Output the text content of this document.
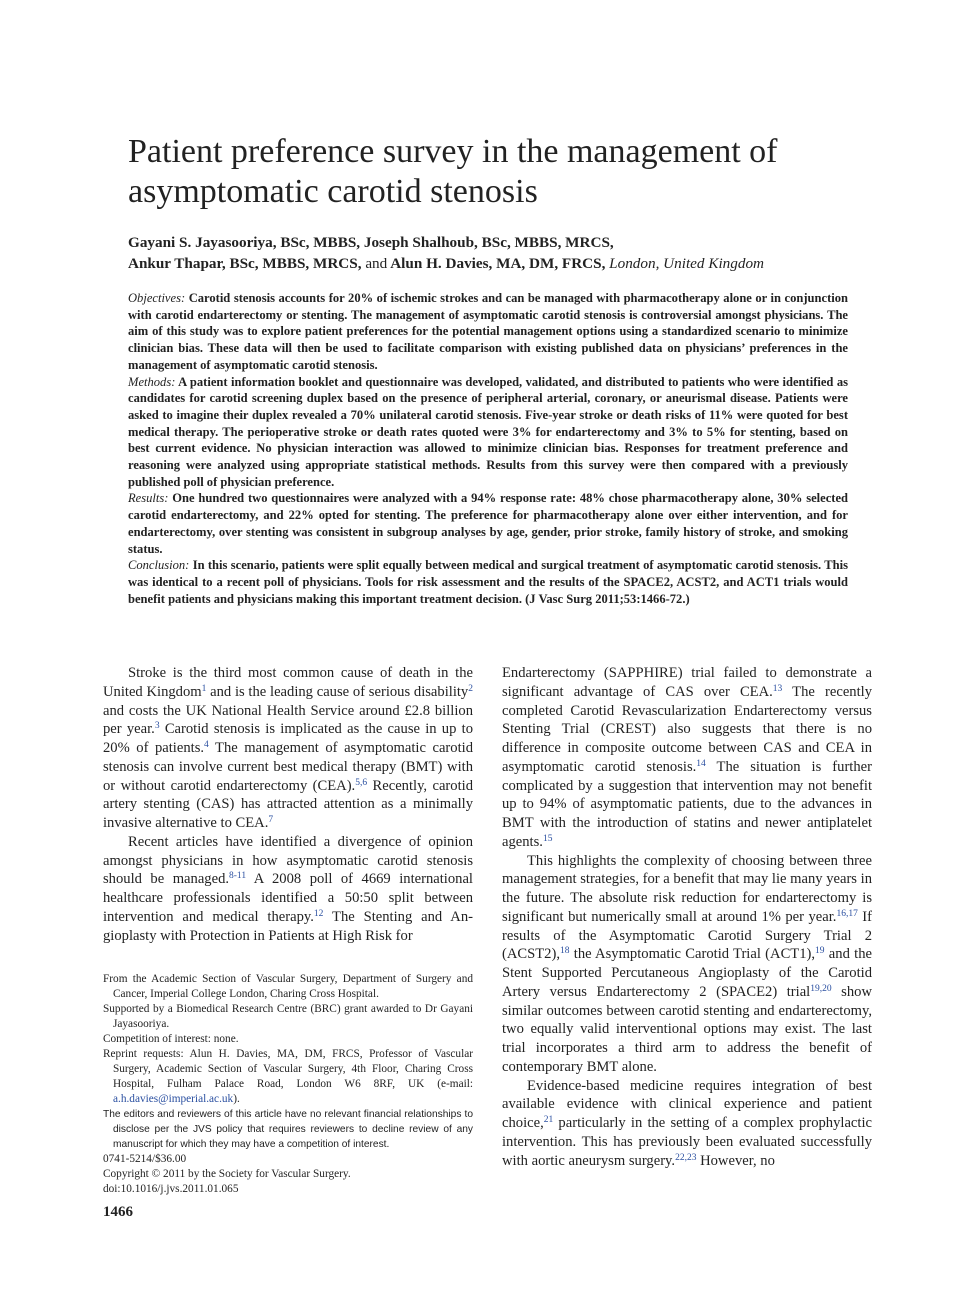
Patient preference survey in the management of
asymptomatic carotid stenosis
Gayani S. Jayasooriya, BSc, MBBS, Joseph Shalhoub, BSc, MBBS, MRCS,
Ankur Thapar, BSc, MBBS, MRCS, and Alun H. Davies, MA, DM, FRCS, London, United Kingdom

Objectives: Carotid stenosis accounts for 20% of ischemic strokes and can be managed with pharmacotherapy alone or in conjunction with carotid endarterectomy or stenting. The management of asymptomatic carotid stenosis is controversial amongst physicians. The aim of this study was to explore patient preferences for the potential management options using a standardized scenario to minimize clinician bias. These data will then be used to facilitate comparison with existing published data on physicians’ preferences in the management of asymptomatic carotid stenosis.

Methods: A patient information booklet and questionnaire was developed, validated, and distributed to patients who were identified as candidates for carotid screening duplex based on the presence of peripheral arterial, coronary, or aneurismal disease. Patients were asked to imagine their duplex revealed a 70% unilateral carotid stenosis. Five-year stroke or death risks of 11% were quoted for best medical therapy. The perioperative stroke or death rates quoted were 3% for endarterectomy and 3% to 5% for stenting, based on best current evidence. No physician interaction was allowed to minimize clinician bias. Responses for treatment preference and reasoning were analyzed using appropriate statistical methods. Results from this survey were then compared with a previously published poll of physician preference.

Results: One hundred two questionnaires were analyzed with a 94% response rate: 48% chose pharmacotherapy alone, 30% selected carotid endarterectomy, and 22% opted for stenting. The preference for pharmacotherapy alone over either intervention, and for endarterectomy, over stenting was consistent in subgroup analyses by age, gender, prior stroke, family history of stroke, and smoking status.

Conclusion: In this scenario, patients were split equally between medical and surgical treatment of asymptomatic carotid stenosis. This was identical to a recent poll of physicians. Tools for risk assessment and the results of the SPACE2, ACST2, and ACT1 trials would benefit patients and physicians making this important treatment decision. (J Vasc Surg 2011;53:1466-72.)

Stroke is the third most common cause of death in the United Kingdom$^1$ and is the leading cause of serious disability$^2$ and costs the UK National Health Service around £2.8 billion per year.$^3$ Carotid stenosis is implicated as the cause in up to 20% of patients.$^4$ The management of asymptomatic carotid stenosis can involve current best medical therapy (BMT) with or without carotid endarterectomy (CEA).$^{5,6}$ Recently, carotid artery stenting (CAS) has attracted attention as a minimally invasive alternative to CEA.$^7$

Recent articles have identified a divergence of opinion amongst physicians in how asymptomatic carotid stenosis should be managed.$^{8-11}$ A 2008 poll of 4669 international healthcare professionals identified a 50:50 split between intervention and medical therapy.$^{12}$ The Stenting and Angioplasty with Protection in Patients at High Risk for

From the Academic Section of Vascular Surgery, Department of Surgery and Cancer, Imperial College London, Charing Cross Hospital.

Supported by a Biomedical Research Centre (BRC) grant awarded to Dr Gayani Jayasooriya.

Competition of interest: none.

Reprint requests: Alun H. Davies, MA, DM, FRCS, Professor of Vascular Surgery, Academic Section of Vascular Surgery, 4th Floor, Charing Cross Hospital, Fulham Palace Road, London W6 8RF, UK (e-mail: a.h.davies@imperial.ac.uk).

The editors and reviewers of this article have no relevant financial relationships to disclose per the JVS policy that requires reviewers to decline review of any manuscript for which they may have a competition of interest.

0741-5214/$36.00

Copyright © 2011 by the Society for Vascular Surgery.

doi:10.1016/j.jvs.2011.01.065

Endarterectomy (SAPPHIRE) trial failed to demonstrate a significant advantage of CAS over CEA.$^{13}$ The recently completed Carotid Revascularization Endarterectomy versus Stenting Trial (CREST) also suggests that there is no difference in composite outcome between CAS and CEA in asymptomatic carotid stenosis.$^{14}$ The situation is further complicated by a suggestion that intervention may not benefit up to 94% of asymptomatic patients, due to the advances in BMT with the introduction of statins and newer antiplatelet agents.$^{15}$

This highlights the complexity of choosing between three management strategies, for a benefit that may lie many years in the future. The absolute risk reduction for endarterectomy is significant but numerically small at around 1% per year.$^{16,17}$ If results of the Asymptomatic Carotid Surgery Trial 2 (ACST2),$^{18}$ the Asymptomatic Carotid Trial (ACT1),$^{19}$ and the Stent Supported Percutaneous Angioplasty of the Carotid Artery versus Endarterectomy 2 (SPACE2) trial$^{19,20}$ show similar outcomes between carotid stenting and endarterectomy, two equally valid interventional options may exist. The last trial incorporates a third arm to address the benefit of contemporary BMT alone.

Evidence-based medicine requires integration of best available evidence with clinical experience and patient choice,$^{21}$ particularly in the setting of a complex prophylactic intervention. This has previously been evaluated successfully with aortic aneurysm surgery.$^{22,23}$ However, no

1466
